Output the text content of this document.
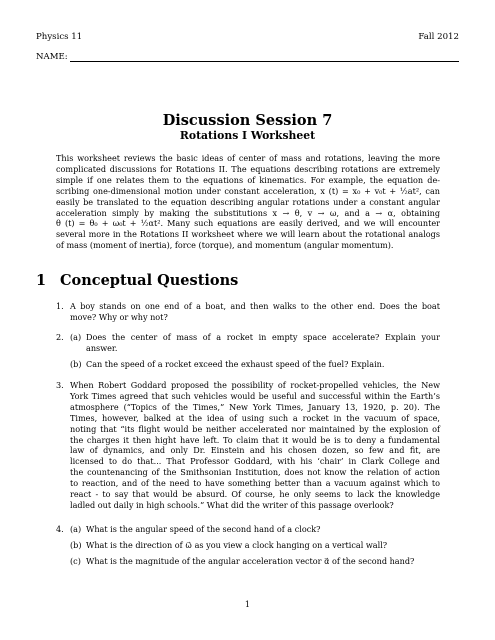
Physics 11	Fall 2012
NAME:
Discussion Session 7
Rotations I Worksheet
This worksheet reviews the basic ideas of center of mass and rotations, leaving the more
complicated discussions for Rotations II. The equations describing rotations are extremely
simple if one relates them to the equations of kinematics. For example, the equation de-
scribing one-dimensional motion under constant acceleration, x (t) = x₀ + v₀t + ½at², can
easily be translated to the equation describing angular rotations under a constant angular
acceleration simply by making the substitutions x → θ, v → ω, and a → α, obtaining
θ (t) = θ₀ + ω₀t + ½αt². Many such equations are easily derived, and we will encounter
several more in the Rotations II worksheet where we will learn about the rotational analogs
of mass (moment of inertia), force (torque), and momentum (angular momentum).
1 Conceptual Questions
1. A boy stands on one end of a boat, and then walks to the other end. Does the boat
move? Why or why not?
2. (a) Does the center of mass of a rocket in empty space accelerate? Explain your
answer.
(b) Can the speed of a rocket exceed the exhaust speed of the fuel? Explain.
3. When Robert Goddard proposed the possibility of rocket-propelled vehicles, the New
York Times agreed that such vehicles would be useful and successful within the Earth’s
atmosphere (“Topics of the Times,” New York Times, January 13, 1920, p. 20). The
Times, however, balked at the idea of using such a rocket in the vacuum of space,
noting that “its flight would be neither accelerated nor maintained by the explosion of
the charges it then hight have left. To claim that it would be is to deny a fundamental
law of dynamics, and only Dr. Einstein and his chosen dozen, so few and fit, are
licensed to do that... That Professor Goddard, with his ‘chair’ in Clark College and
the countenancing of the Smithsonian Institution, does not know the relation of action
to reaction, and of the need to have something better than a vacuum against which to
react - to say that would be absurd. Of course, he only seems to lack the knowledge
ladled out daily in high schools.” What did the writer of this passage overlook?
4. (a) What is the angular speed of the second hand of a clock?
(b) What is the direction of ω⃗ as you view a clock hanging on a vertical wall?
(c) What is the magnitude of the angular acceleration vector α⃗ of the second hand?
1
